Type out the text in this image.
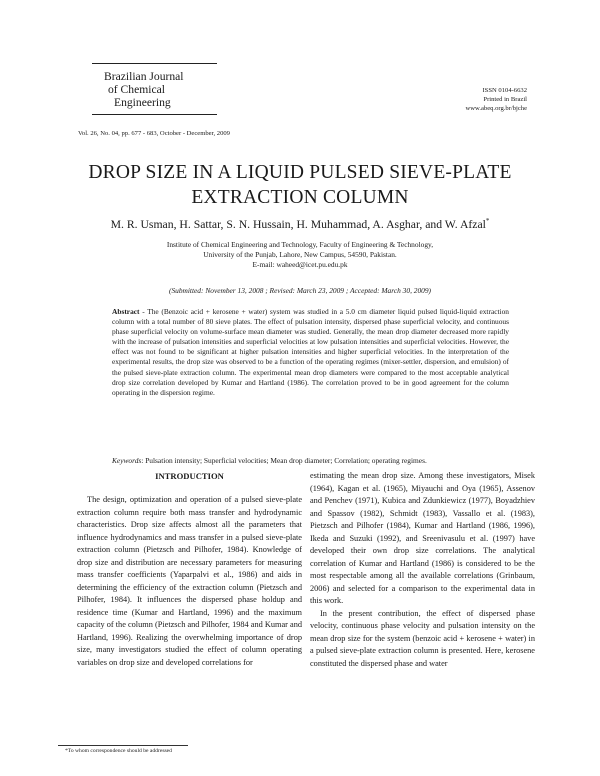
Brazilian Journal
of Chemical
Engineering
ISSN 0104-6632
Printed in Brazil
www.abeq.org.br/bjche
Vol. 26, No. 04, pp. 677 - 683, October - December, 2009
DROP SIZE IN A LIQUID PULSED SIEVE-PLATE
EXTRACTION COLUMN
M. R. Usman, H. Sattar, S. N. Hussain, H. Muhammad, A. Asghar, and W. Afzal*
Institute of Chemical Engineering and Technology, Faculty of Engineering & Technology,
University of the Punjab, Lahore, New Campus, 54590, Pakistan.
E-mail: waheed@icet.pu.edu.pk
(Submitted: November 13, 2008 ; Revised: March 23, 2009 ; Accepted: March 30, 2009)
Abstract - The (Benzoic acid + kerosene + water) system was studied in a 5.0 cm diameter liquid pulsed liquid-liquid extraction column with a total number of 80 sieve plates. The effect of pulsation intensity, dispersed phase superficial velocity, and continuous phase superficial velocity on volume-surface mean diameter was studied. Generally, the mean drop diameter decreased more rapidly with the increase of pulsation intensities and superficial velocities at low pulsation intensities and superficial velocities. However, the effect was not found to be significant at higher pulsation intensities and higher superficial velocities. In the interpretation of the experimental results, the drop size was observed to be a function of the operating regimes (mixer-settler, dispersion, and emulsion) of the pulsed sieve-plate extraction column. The experimental mean drop diameters were compared to the most acceptable analytical drop size correlation developed by Kumar and Hartland (1986). The correlation proved to be in good agreement for the column operating in the dispersion regime.
Keywords: Pulsation intensity; Superficial velocities; Mean drop diameter; Correlation; operating regimes.
INTRODUCTION

The design, optimization and operation of a pulsed sieve-plate extraction column require both mass transfer and hydrodynamic characteristics. Drop size affects almost all the parameters that influence hydrodynamics and mass transfer in a pulsed sieve-plate extraction column (Pietzsch and Pilhofer, 1984). Knowledge of drop size and distribution are necessary parameters for measuring mass transfer coefficients (Yaparpalvi et al., 1986) and aids in determining the efficiency of the extraction column (Pietzsch and Pilhofer, 1984). It influences the dispersed phase holdup and residence time (Kumar and Hartland, 1996) and the maximum capacity of the column (Pietzsch and Pilhofer, 1984 and Kumar and Hartland, 1996). Realizing the overwhelming importance of drop size, many investigators studied the effect of column operating variables on drop size and developed correlations for

estimating the mean drop size. Among these investigators, Misek (1964), Kagan et al. (1965), Miyauchi and Oya (1965), Assenov and Penchev (1971), Kubica and Zdunkiewicz (1977), Boyadzhiev and Spassov (1982), Schmidt (1983), Vassallo et al. (1983), Pietzsch and Pilhofer (1984), Kumar and Hartland (1986, 1996), Ikeda and Suzuki (1992), and Sreenivasulu et al. (1997) have developed their own drop size correlations. The analytical correlation of Kumar and Hartland (1986) is considered to be the most respectable among all the available correlations (Grinbaum, 2006) and selected for a comparison to the experimental data in this work.

In the present contribution, the effect of dispersed phase velocity, continuous phase velocity and pulsation intensity on the mean drop size for the system (benzoic acid + kerosene + water) in a pulsed sieve-plate extraction column is presented. Here, kerosene constituted the dispersed phase and water

*To whom correspondence should be addressed
